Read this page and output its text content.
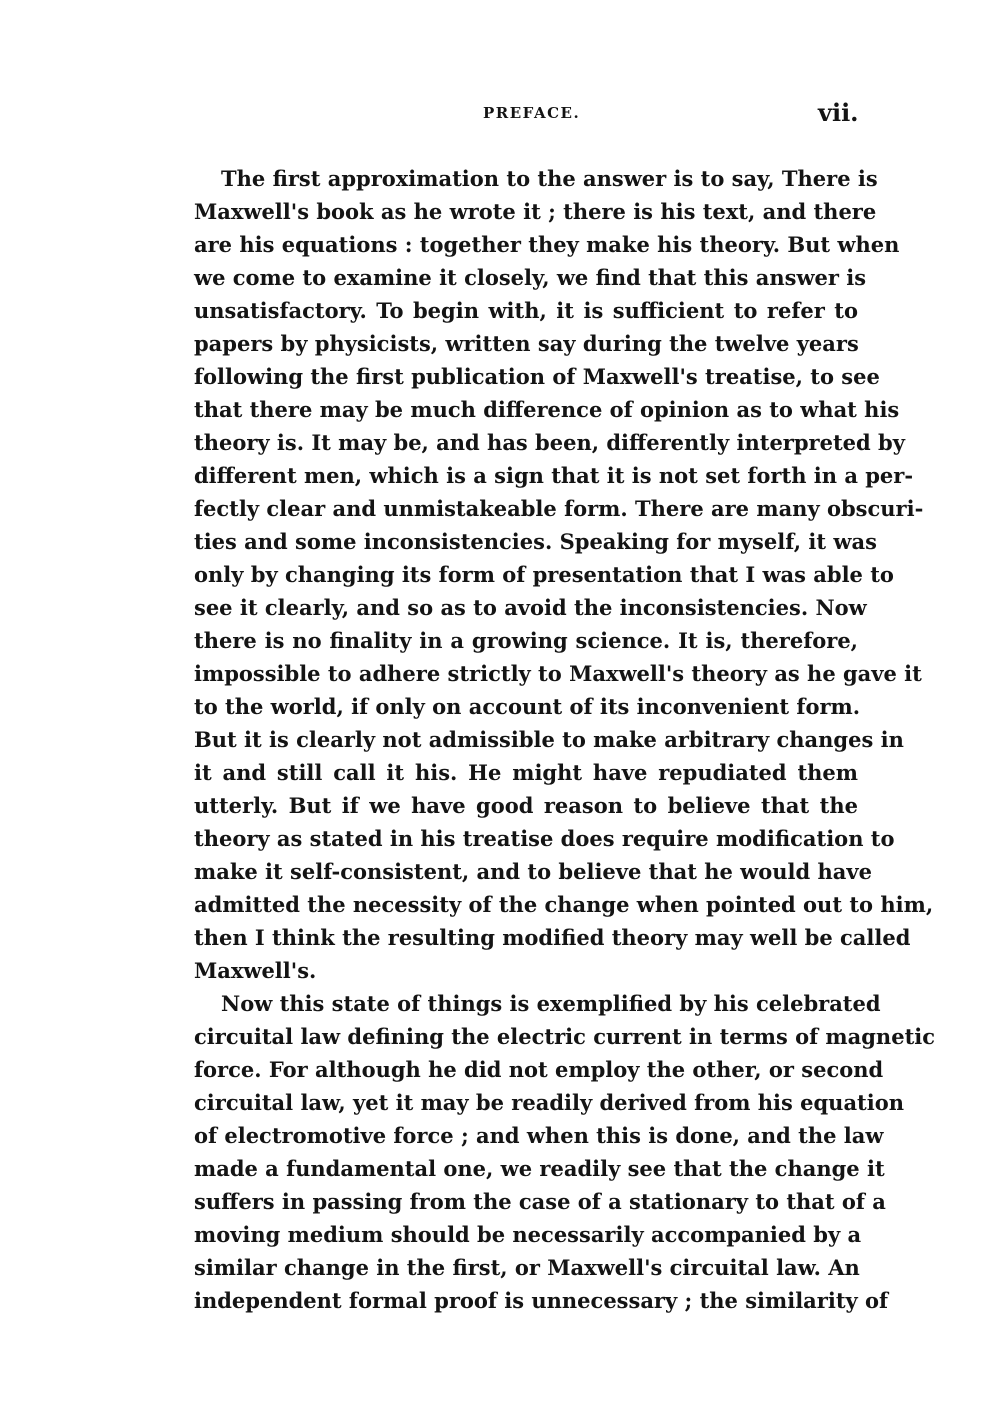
PREFACE.	vii.
The first approximation to the answer is to say, There is
Maxwell's book as he wrote it ; there is his text, and there
are his equations : together they make his theory. But when
we come to examine it closely, we find that this answer is
unsatisfactory. To begin with, it is sufficient to refer to
papers by physicists, written say during the twelve years
following the first publication of Maxwell's treatise, to see
that there may be much difference of opinion as to what his
theory is. It may be, and has been, differently interpreted by
different men, which is a sign that it is not set forth in a per-
fectly clear and unmistakeable form. There are many obscuri-
ties and some inconsistencies. Speaking for myself, it was
only by changing its form of presentation that I was able to
see it clearly, and so as to avoid the inconsistencies. Now
there is no finality in a growing science. It is, therefore,
impossible to adhere strictly to Maxwell's theory as he gave it
to the world, if only on account of its inconvenient form.
But it is clearly not admissible to make arbitrary changes in
it and still call it his. He might have repudiated them
utterly. But if we have good reason to believe that the
theory as stated in his treatise does require modification to
make it self-consistent, and to believe that he would have
admitted the necessity of the change when pointed out to him,
then I think the resulting modified theory may well be called
Maxwell's.
Now this state of things is exemplified by his celebrated
circuital law defining the electric current in terms of magnetic
force. For although he did not employ the other, or second
circuital law, yet it may be readily derived from his equation
of electromotive force ; and when this is done, and the law
made a fundamental one, we readily see that the change it
suffers in passing from the case of a stationary to that of a
moving medium should be necessarily accompanied by a
similar change in the first, or Maxwell's circuital law. An
independent formal proof is unnecessary ; the similarity of
